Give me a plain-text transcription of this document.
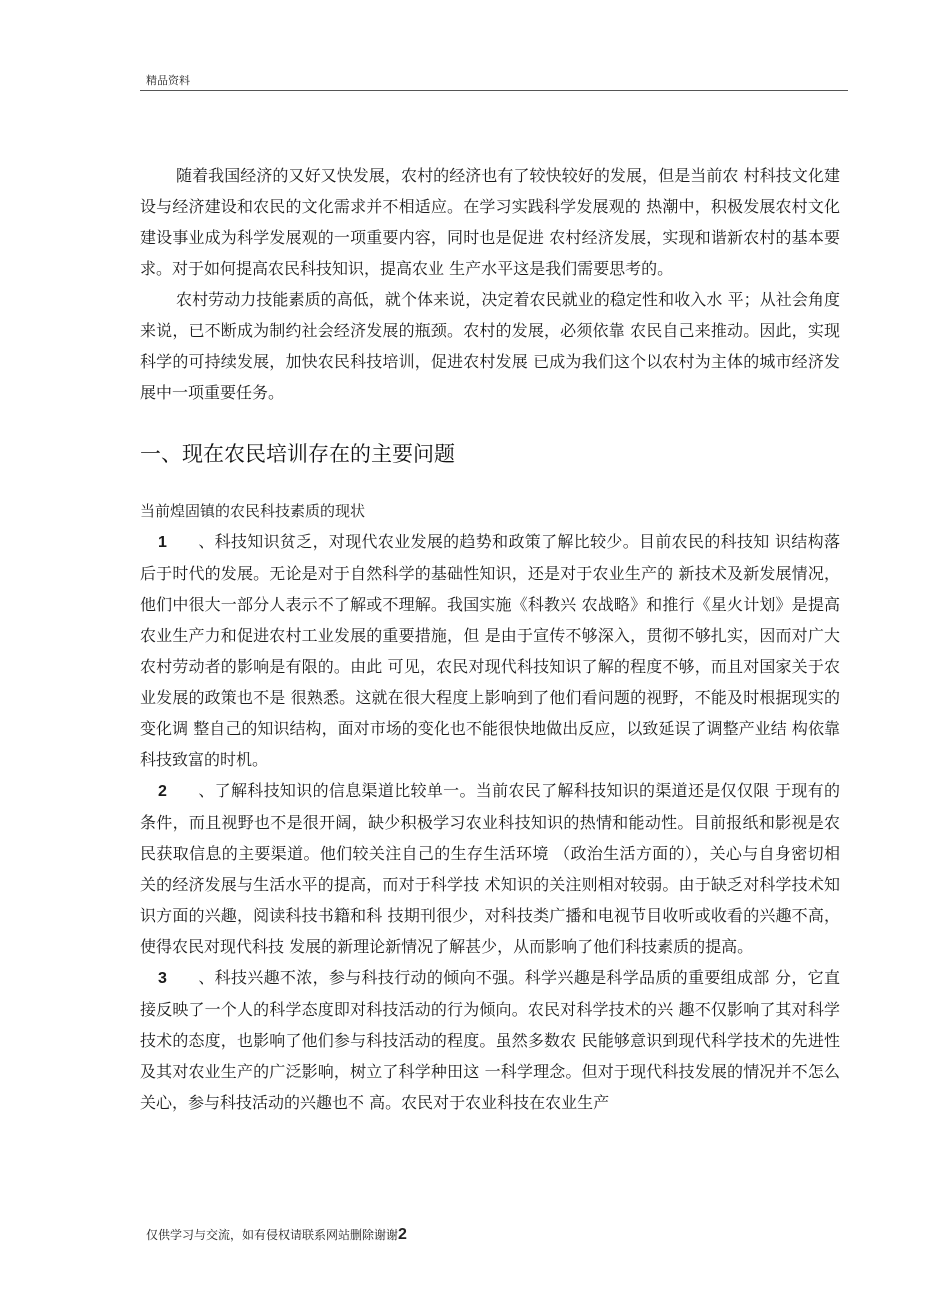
精品资料

随着我国经济的又好又快发展，农村的经济也有了较快较好的发展，但是当前农 村科技文化建设与经济建设和农民的文化需求并不相适应。在学习实践科学发展观的 热潮中，积极发展农村文化建设事业成为科学发展观的一项重要内容，同时也是促进 农村经济发展，实现和谐新农村的基本要求。对于如何提高农民科技知识，提高农业 生产水平这是我们需要思考的。

农村劳动力技能素质的高低，就个体来说，决定着农民就业的稳定性和收入水 平；从社会角度来说，已不断成为制约社会经济发展的瓶颈。农村的发展，必须依靠 农民自己来推动。因此，实现科学的可持续发展，加快农民科技培训，促进农村发展 已成为我们这个以农村为主体的城市经济发展中一项重要任务。

一、现在农民培训存在的主要问题

当前煌固镇的农民科技素质的现状

1 、科技知识贫乏，对现代农业发展的趋势和政策了解比较少。目前农民的科技知 识结构落后于时代的发展。无论是对于自然科学的基础性知识，还是对于农业生产的 新技术及新发展情况，他们中很大一部分人表示不了解或不理解。我国实施《科教兴 农战略》和推行《星火计划》是提高农业生产力和促进农村工业发展的重要措施，但 是由于宣传不够深入，贯彻不够扎实，因而对广大农村劳动者的影响是有限的。由此 可见，农民对现代科技知识了解的程度不够，而且对国家关于农业发展的政策也不是 很熟悉。这就在很大程度上影响到了他们看问题的视野，不能及时根据现实的变化调 整自己的知识结构，面对市场的变化也不能很快地做出反应，以致延误了调整产业结 构依靠科技致富的时机。

2 、了解科技知识的信息渠道比较单一。当前农民了解科技知识的渠道还是仅仅限 于现有的条件，而且视野也不是很开阔，缺少积极学习农业科技知识的热情和能动性。目前报纸和影视是农民获取信息的主要渠道。他们较关注自己的生存生活环境 （政治生活方面的），关心与自身密切相关的经济发展与生活水平的提高，而对于科学技 术知识的关注则相对较弱。由于缺乏对科学技术知识方面的兴趣，阅读科技书籍和科 技期刊很少，对科技类广播和电视节目收听或收看的兴趣不高，使得农民对现代科技 发展的新理论新情况了解甚少，从而影响了他们科技素质的提高。

3 、科技兴趣不浓，参与科技行动的倾向不强。科学兴趣是科学品质的重要组成部 分，它直接反映了一个人的科学态度即对科技活动的行为倾向。农民对科学技术的兴 趣不仅影响了其对科学技术的态度，也影响了他们参与科技活动的程度。虽然多数农 民能够意识到现代科学技术的先进性及其对农业生产的广泛影响，树立了科学种田这 一科学理念。但对于现代科技发展的情况并不怎么关心，参与科技活动的兴趣也不 高。农民对于农业科技在农业生产

仅供学习与交流，如有侵权请联系网站删除谢谢2
